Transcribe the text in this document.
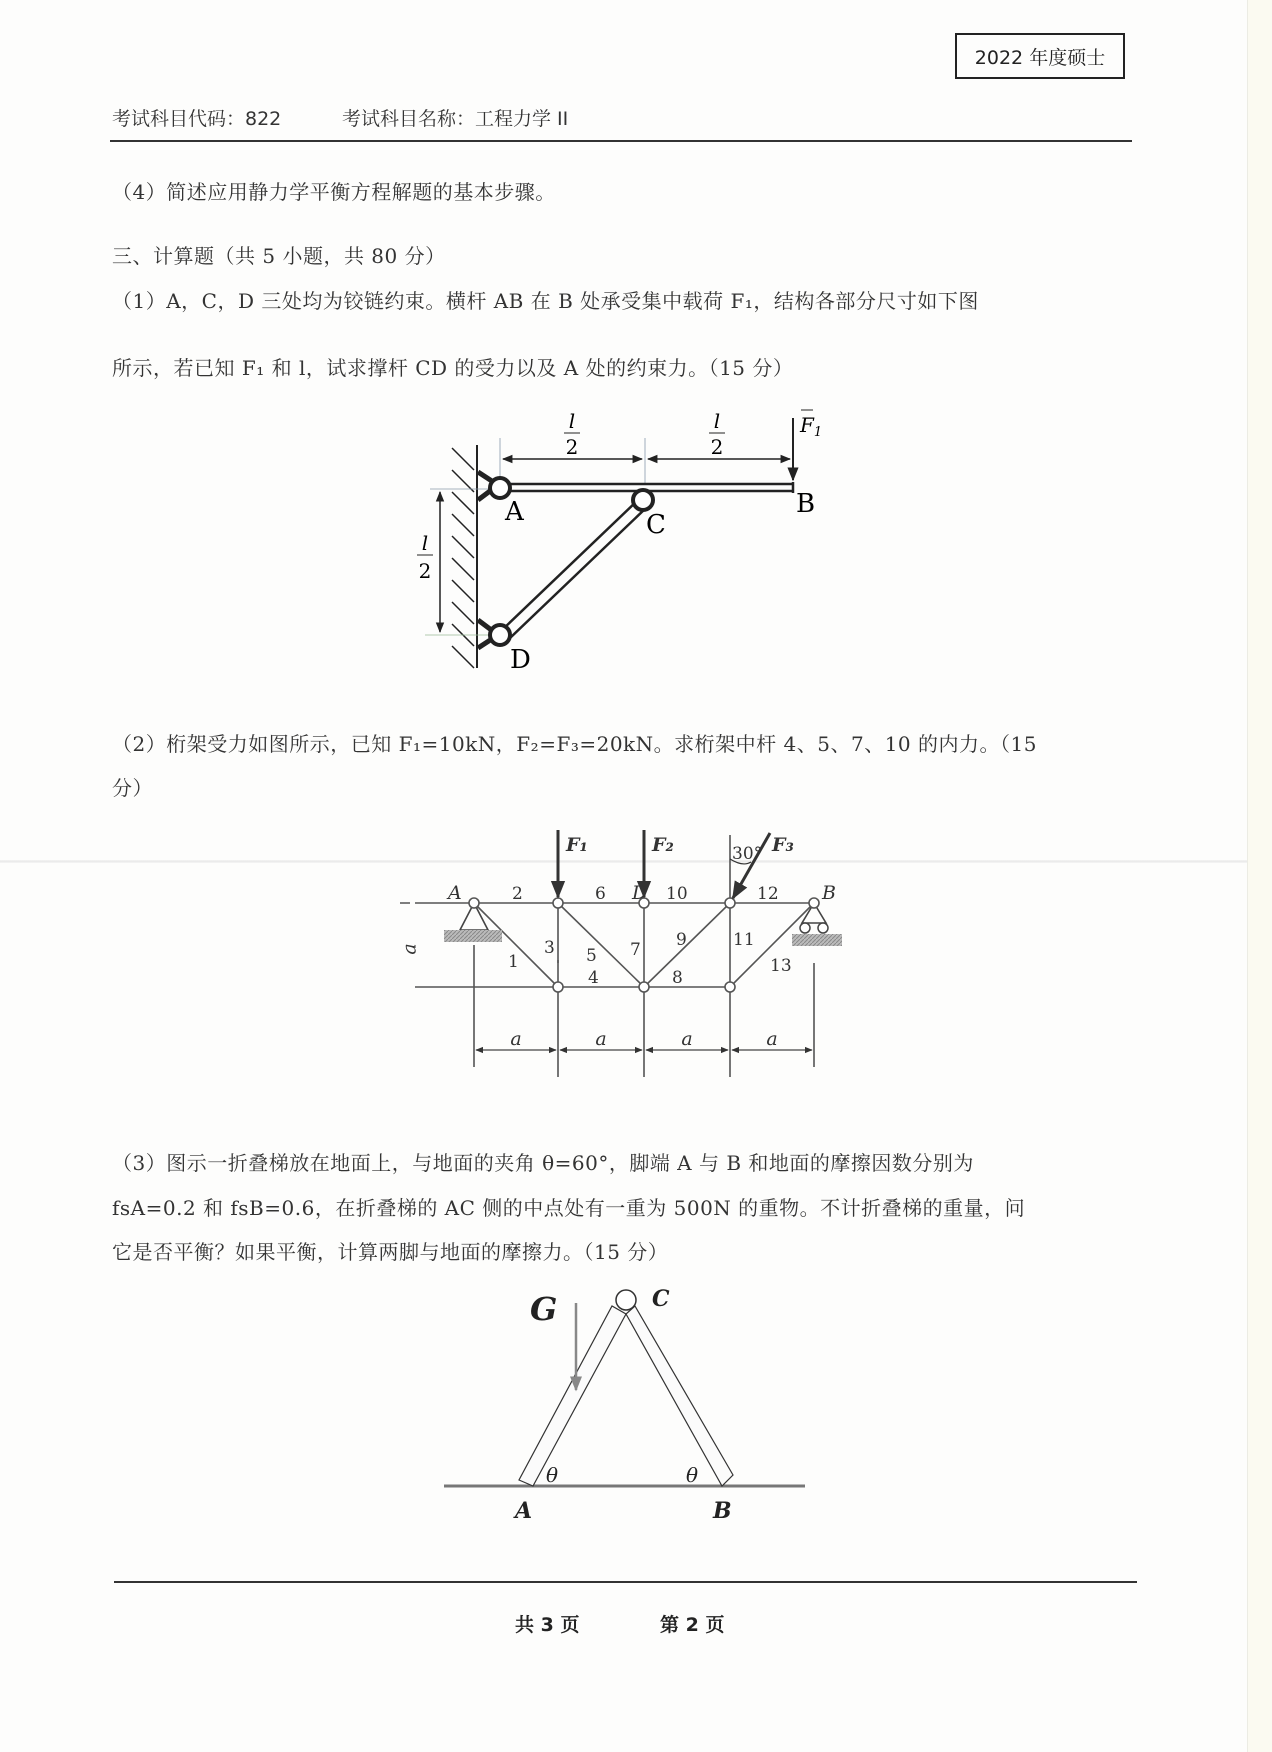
2022 年度硕士
考试科目代码：822	考试科目名称：工程力学 II
（4）简述应用静力学平衡方程解题的基本步骤。
三、计算题（共 5 小题，共 80 分）
（1）A，C，D 三处均为铰链约束。横杆 AB 在 B 处承受集中载荷 F₁，结构各部分尺寸如下图
所示，若已知 F₁ 和 l，试求撑杆 CD 的受力以及 A 处的约束力。（15 分）
l
2
l
2
l
2
$F_1$
A	C
B
D
（2）桁架受力如图所示，已知 F₁=10kN，F₂=F₃=20kN。求桁架中杆 4、5、7、10 的内力。（15
分）
F₁	F₂	F₃
30°
A	B
D
1
2
3
4
5
6
7
8
9
10
11
12
13
a	a	a	a
a
（3）图示一折叠梯放在地面上，与地面的夹角 θ=60°，脚端 A 与 B 和地面的摩擦因数分别为
fsA=0.2 和 fsB=0.6，在折叠梯的 AC 侧的中点处有一重为 500N 的重物。不计折叠梯的重量，问
它是否平衡？如果平衡，计算两脚与地面的摩擦力。（15 分）
G	C
θ	θ
A	B
共 3 页	第 2 页
